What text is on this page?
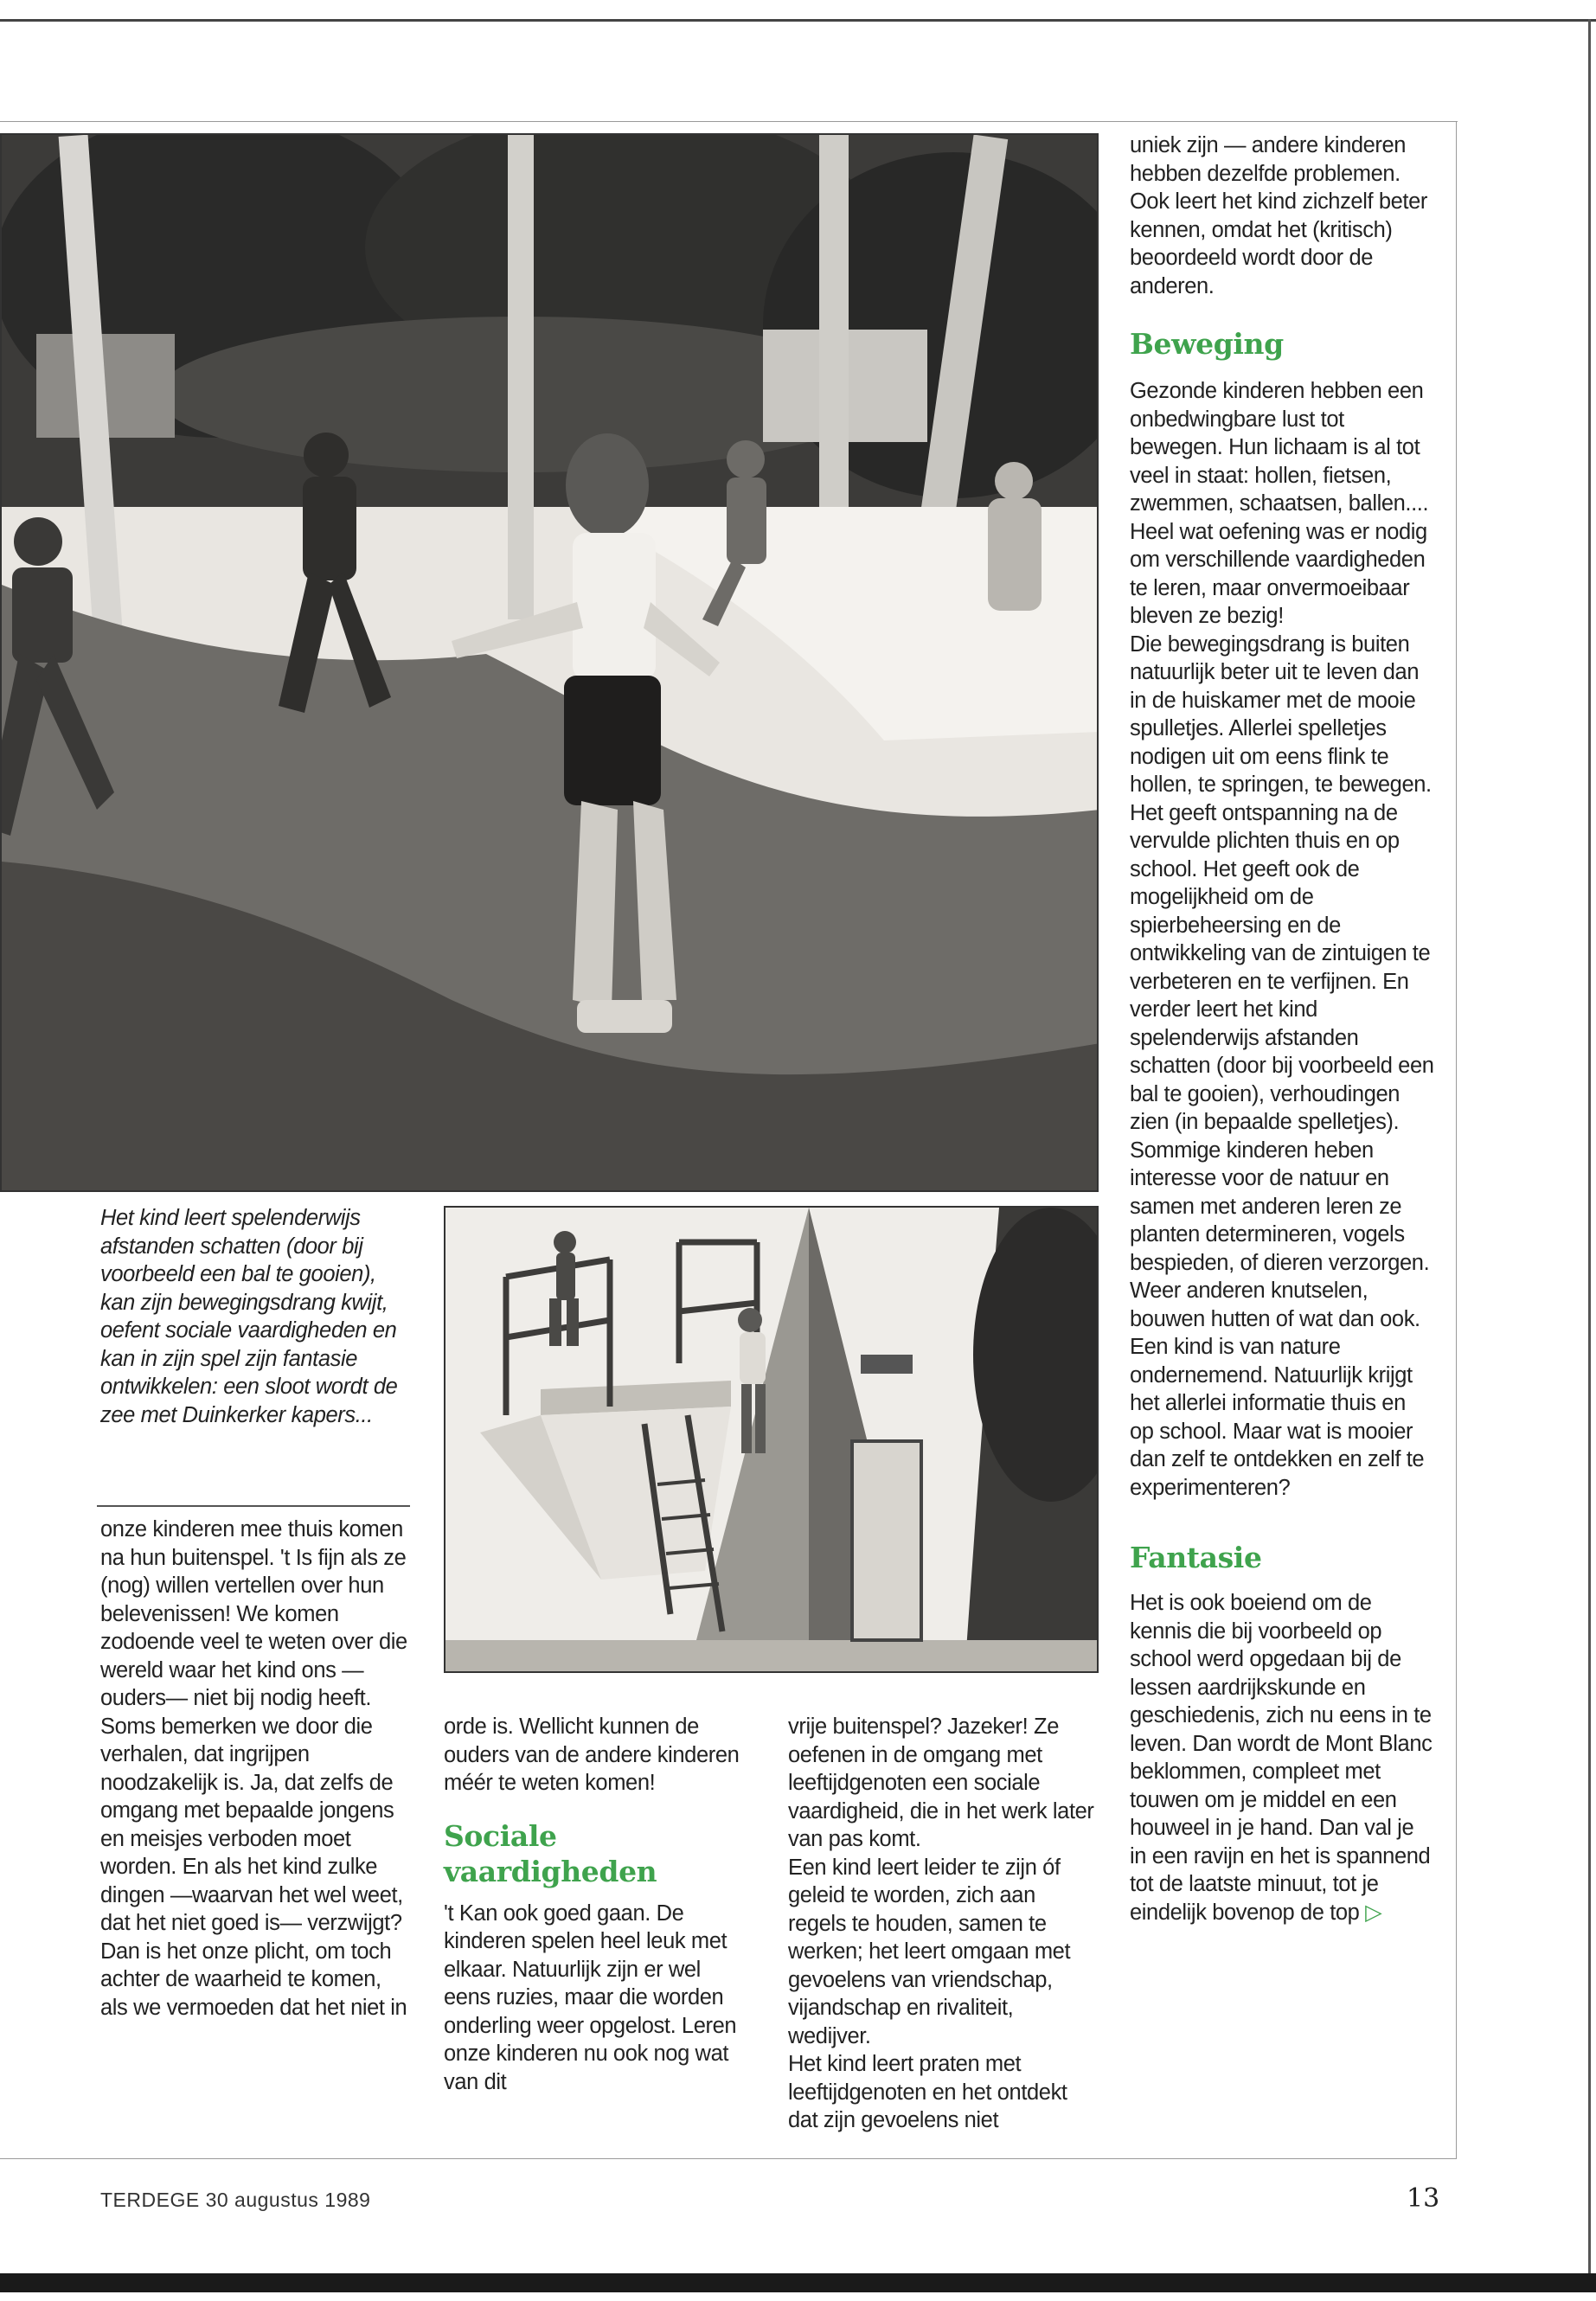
Het kind leert spelenderwijs afstanden schatten (door bij voorbeeld een bal te gooien), kan zijn bewegingsdrang kwijt, oefent sociale vaardigheden en kan in zijn spel zijn fantasie ontwikkelen: een sloot wordt de zee met Duinkerker kapers...

onze kinderen mee thuis komen na hun buitenspel. 't Is fijn als ze (nog) willen vertellen over hun belevenissen! We komen zodoende veel te weten over die wereld waar het kind ons —ouders— niet bij nodig heeft.

Soms bemerken we door die verhalen, dat ingrijpen noodzakelijk is. Ja, dat zelfs de omgang met bepaalde jongens en meisjes verboden moet worden. En als het kind zulke dingen —waarvan het wel weet, dat het niet goed is— verzwijgt? Dan is het onze plicht, om toch achter de waarheid te komen, als we vermoeden dat het niet in

orde is. Wellicht kunnen de ouders van de andere kinderen méér te weten komen!

Sociale vaardigheden

't Kan ook goed gaan. De kinderen spelen heel leuk met elkaar. Natuurlijk zijn er wel eens ruzies, maar die worden onderling weer opgelost. Leren onze kinderen nu ook nog wat van dit

vrije buitenspel? Jazeker! Ze oefenen in de omgang met leeftijdgenoten een sociale vaardigheid, die in het werk later van pas komt.

Een kind leert leider te zijn óf geleid te worden, zich aan regels te houden, samen te werken; het leert omgaan met gevoelens van vriendschap, vijandschap en rivaliteit, wedijver.

Het kind leert praten met leeftijdgenoten en het ontdekt dat zijn gevoelens niet

uniek zijn — andere kinderen hebben dezelfde problemen. Ook leert het kind zichzelf beter kennen, omdat het (kritisch) beoordeeld wordt door de anderen.

Beweging

Gezonde kinderen hebben een onbedwingbare lust tot bewegen. Hun lichaam is al tot veel in staat: hollen, fietsen, zwemmen, schaatsen, ballen.... Heel wat oefening was er nodig om verschillende vaardigheden te leren, maar onvermoeibaar bleven ze bezig!

Die bewegingsdrang is buiten natuurlijk beter uit te leven dan in de huiskamer met de mooie spulletjes. Allerlei spelletjes nodigen uit om eens flink te hollen, te springen, te bewegen. Het geeft ontspanning na de vervulde plichten thuis en op school. Het geeft ook de mogelijkheid om de spierbeheersing en de ontwikkeling van de zintuigen te verbeteren en te verfijnen. En verder leert het kind spelenderwijs afstanden schatten (door bij voorbeeld een bal te gooien), verhoudingen zien (in bepaalde spelletjes). Sommige kinderen heben interesse voor de natuur en samen met anderen leren ze planten determineren, vogels bespieden, of dieren verzorgen. Weer anderen knutselen, bouwen hutten of wat dan ook. Een kind is van nature ondernemend. Natuurlijk krijgt het allerlei informatie thuis en op school. Maar wat is mooier dan zelf te ontdekken en zelf te experimenteren?

Fantasie

Het is ook boeiend om de kennis die bij voorbeeld op school werd opgedaan bij de lessen aardrijkskunde en geschiedenis, zich nu eens in te leven. Dan wordt de Mont Blanc beklommen, compleet met touwen om je middel en een houweel in je hand. Dan val je in een ravijn en het is spannend tot de laatste minuut, tot je eindelijk bovenop de top ▷

TERDEGE 30 augustus 1989	13
